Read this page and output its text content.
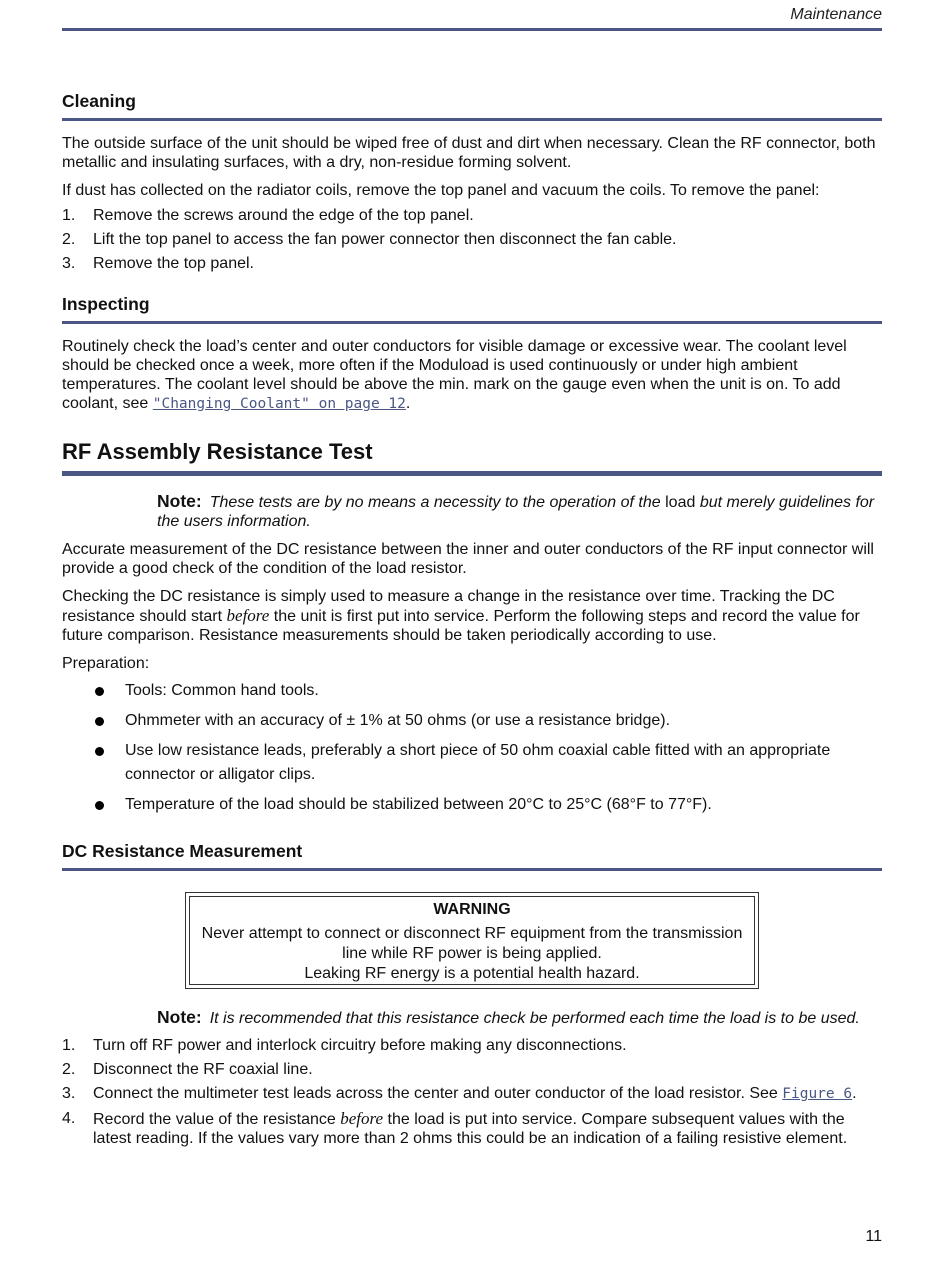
Maintenance
Cleaning

The outside surface of the unit should be wiped free of dust and dirt when necessary. Clean the RF connector, both metallic and insulating surfaces, with a dry, non-residue forming solvent.

If dust has collected on the radiator coils, remove the top panel and vacuum the coils. To remove the panel:

1. Remove the screws around the edge of the top panel.
2. Lift the top panel to access the fan power connector then disconnect the fan cable.
3. Remove the top panel.
Inspecting

Routinely check the load’s center and outer conductors for visible damage or excessive wear. The coolant level should be checked once a week, more often if the Moduload is used continuously or under high ambient temperatures. The coolant level should be above the min. mark on the gauge even when the unit is on. To add coolant, see "Changing Coolant" on page 12.

RF Assembly Resistance Test
Note: These tests are by no means a necessity to the operation of the load but merely guidelines for the users information.

Accurate measurement of the DC resistance between the inner and outer conductors of the RF input connector will provide a good check of the condition of the load resistor.

Checking the DC resistance is simply used to measure a change in the resistance over time. Tracking the DC resistance should start before the unit is first put into service. Perform the following steps and record the value for future comparison. Resistance measurements should be taken periodically according to use.

Preparation:

Tools: Common hand tools.
Ohmmeter with an accuracy of ± 1% at 50 ohms (or use a resistance bridge).
Use low resistance leads, preferably a short piece of 50 ohm coaxial cable fitted with an appropriate connector or alligator clips.
Temperature of the load should be stabilized between 20°C to 25°C (68°F to 77°F).
DC Resistance Measurement
WARNING
Never attempt to connect or disconnect RF equipment from the transmission line while RF power is being applied.
Leaking RF energy is a potential health hazard.
Note: It is recommended that this resistance check be performed each time the load is to be used.
1. Turn off RF power and interlock circuitry before making any disconnections.
2. Disconnect the RF coaxial line.
3. Connect the multimeter test leads across the center and outer conductor of the load resistor. See Figure 6.
4. Record the value of the resistance before the load is put into service. Compare subsequent values with the latest reading. If the values vary more than 2 ohms this could be an indication of a failing resistive element.
11
